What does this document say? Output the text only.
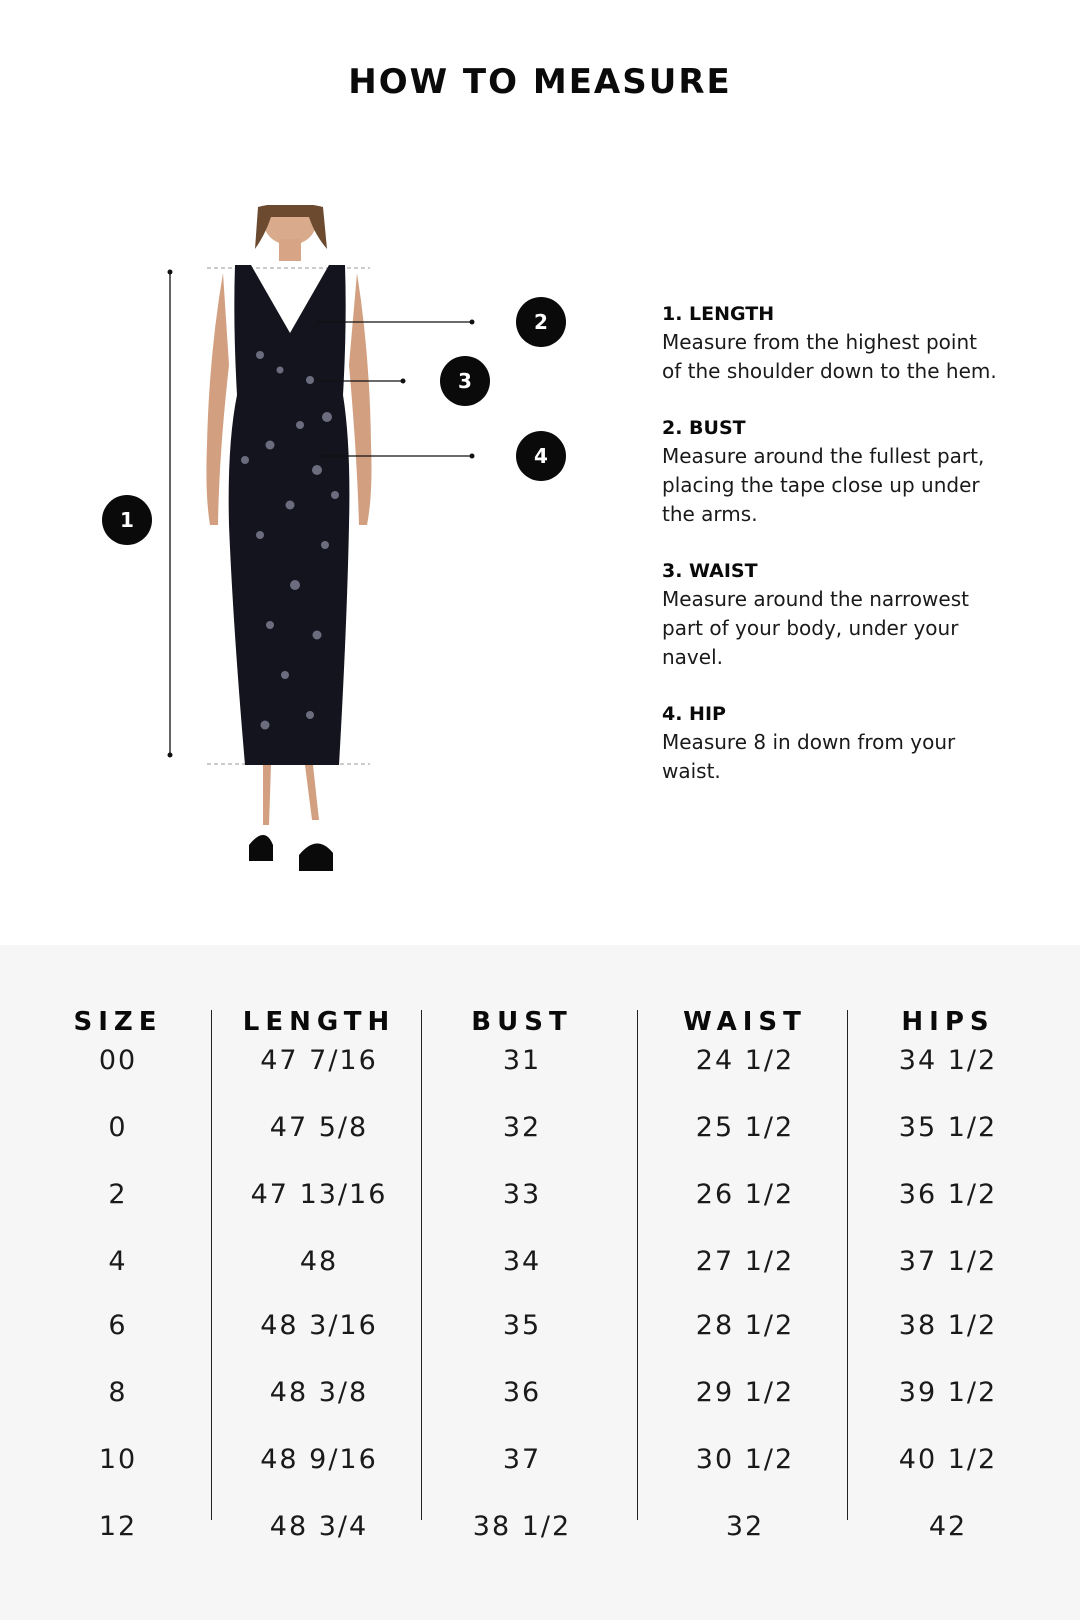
HOW TO MEASURE
1
2
3
4
1. LENGTH
Measure from the highest point of the shoulder down to the hem.
2. BUST
Measure around the fullest part, placing the tape close up under the arms.
3. WAIST
Measure around the narrowest part of your body, under your navel.
4. HIP
Measure 8 in down from your waist.
SIZE
00
0
2
4
6
8
10
12
LENGTH
47 7/16
47 5/8
47 13/16
48
48 3/16
48 3/8
48 9/16
48 3/4
BUST
31
32
33
34
35
36
37
38 1/2
WAIST
24 1/2
25 1/2
26 1/2
27 1/2
28 1/2
29 1/2
30 1/2
32
HIPS
34 1/2
35 1/2
36 1/2
37 1/2
38 1/2
39 1/2
40 1/2
42
